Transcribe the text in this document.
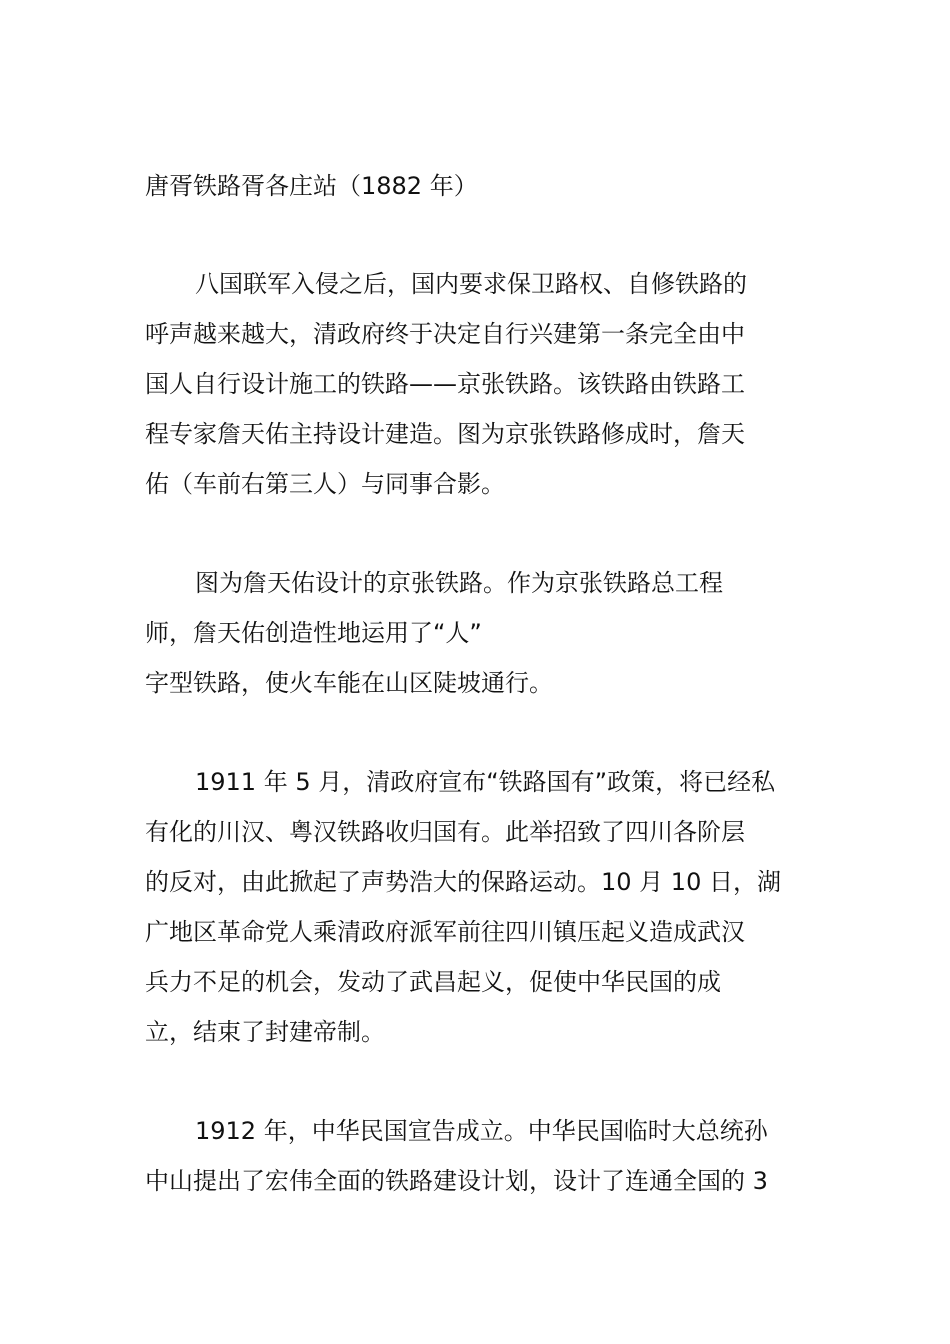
唐胥铁路胥各庄站（1882 年）

八国联军入侵之后，国内要求保卫路权、自修铁路的

呼声越来越大，清政府终于决定自行兴建第一条完全由中

国人自行设计施工的铁路——京张铁路。该铁路由铁路工

程专家詹天佑主持设计建造。图为京张铁路修成时，詹天

佑（车前右第三人）与同事合影。

图为詹天佑设计的京张铁路。作为京张铁路总工程

师，詹天佑创造性地运用了“人”

字型铁路，使火车能在山区陡坡通行。

1911 年 5 月，清政府宣布“铁路国有”政策，将已经私

有化的川汉、粤汉铁路收归国有。此举招致了四川各阶层

的反对，由此掀起了声势浩大的保路运动。10 月 10 日，湖

广地区革命党人乘清政府派军前往四川镇压起义造成武汉

兵力不足的机会，发动了武昌起义，促使中华民国的成

立，结束了封建帝制。

1912 年，中华民国宣告成立。中华民国临时大总统孙

中山提出了宏伟全面的铁路建设计划，设计了连通全国的 3
